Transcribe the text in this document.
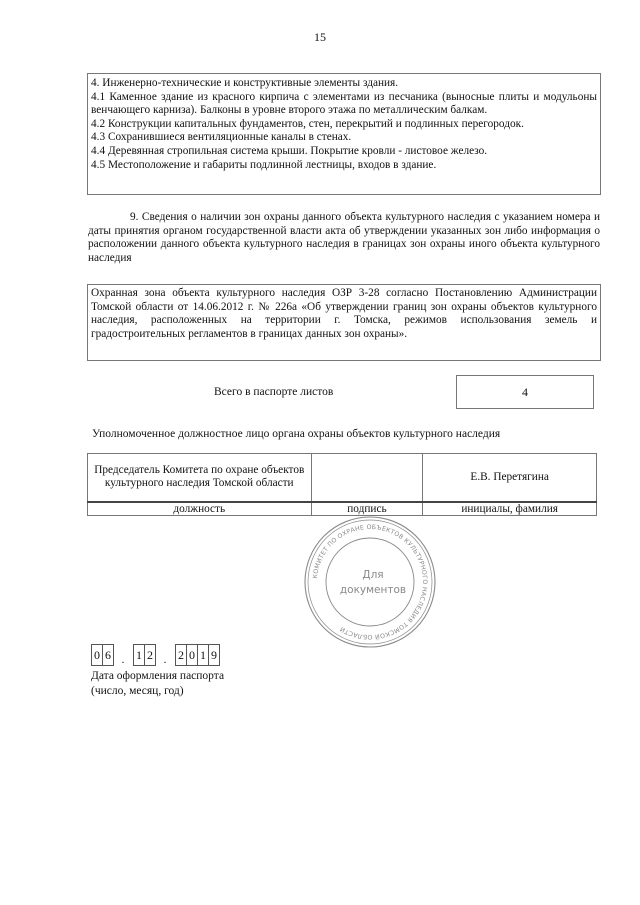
15
4. Инженерно-технические и конструктивные элементы здания.
4.1 Каменное здание из красного кирпича с элементами из песчаника (выносные плиты и модульоны венчающего карниза). Балконы в уровне второго этажа по металлическим балкам.
4.2 Конструкции капитальных фундаментов, стен, перекрытий и подлинных перегородок.
4.3 Сохранившиеся вентиляционные каналы в стенах.
4.4 Деревянная стропильная система крыши. Покрытие кровли - листовое железо.
4.5 Местоположение и габариты подлинной лестницы, входов в здание.
9. Сведения о наличии зон охраны данного объекта культурного наследия с указанием номера и даты принятия органом государственной власти акта об утверждении указанных зон либо информация о расположении данного объекта культурного наследия в границах зон охраны иного объекта культурного наследия
Охранная зона объекта культурного наследия ОЗР 3-28 согласно Постановлению Администрации Томской области от 14.06.2012 г. № 226а «Об утверждении границ зон охраны объектов культурного наследия, расположенных на территории г. Томска, режимов использования земель и градостроительных регламентов в границах данных зон охраны».
Всего в паспорте листов	4
Уполномоченное должностное лицо органа охраны объектов культурного наследия
Председатель Комитета по охране объектов культурного наследия Томской области		Е.В. Перетягина
должность	подпись	инициалы, фамилия
КОМИТЕТ ПО ОХРАНЕ ОБЪЕКТОВ КУЛЬТУРНОГО НАСЛЕДИЯ ТОМСКОЙ ОБЛАСТИ
Для
документов
0 6 . 1 2 . 2 0 1 9
Дата оформления паспорта
(число, месяц, год)
